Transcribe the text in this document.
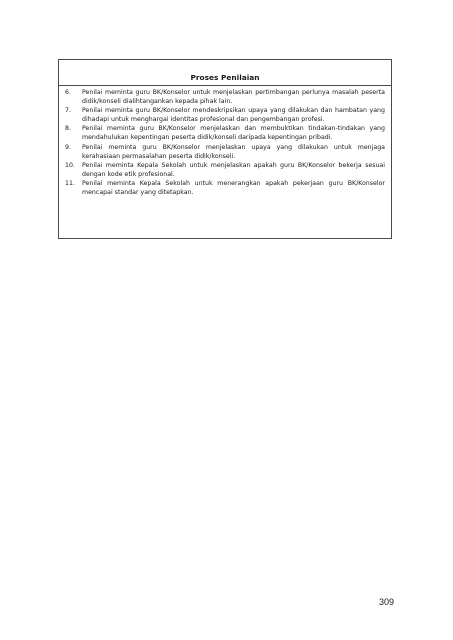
Proses Penilaian
6.	Penilai meminta guru BK/Konselor untuk menjelaskan pertimbangan perlunya masalah peserta didik/konseli dialihtangankan kepada pihak lain.
7.	Penilai meminta guru BK/Konselor mendeskripsikan upaya yang dilakukan dan hambatan yang dihadapi untuk menghargai identitas profesional dan pengembangan profesi.
8.	Penilai meminta guru BK/Konselor menjelaskan dan membuktikan tindakan-tindakan yang mendahulukan kepentingan peserta didik/konseli daripada kepentingan pribadi.
9.	Penilai meminta guru BK/Konselor menjelaskan upaya yang dilakukan untuk menjaga kerahasiaan permasalahan peserta didik/konseli.
10.	Penilai meminta Kepala Sekolah untuk menjelaskan apakah guru BK/Konselor bekerja sesuai dengan kode etik profesional.
11.	Penilai meminta Kepala Sekolah untuk menerangkan apakah pekerjaan guru BK/Konselor mencapai standar yang ditetapkan.
309
